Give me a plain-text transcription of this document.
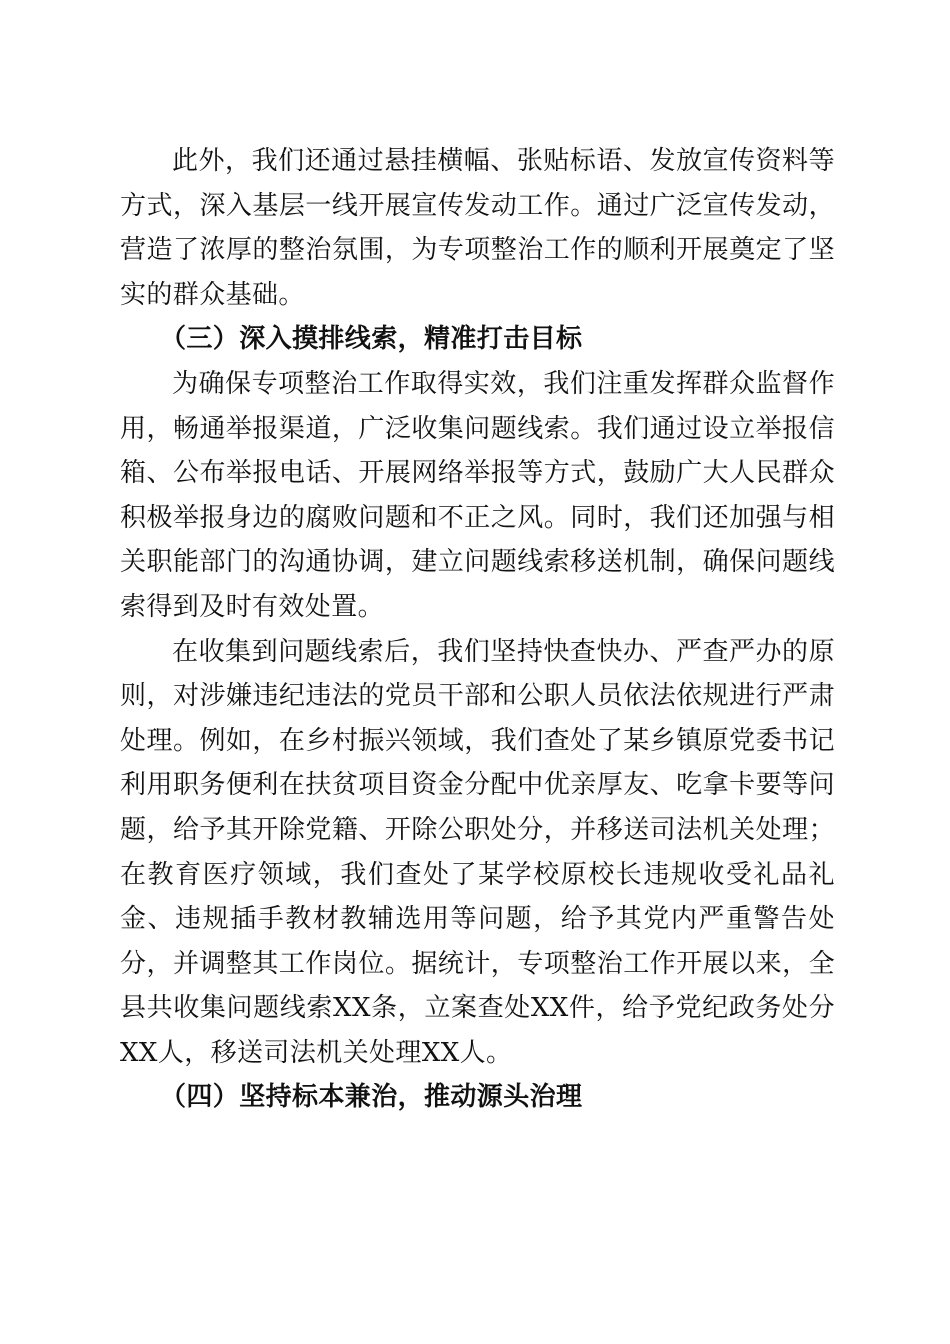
此外，我们还通过悬挂横幅、张贴标语、发放宣传资料等方式，深入基层一线开展宣传发动工作。通过广泛宣传发动，营造了浓厚的整治氛围，为专项整治工作的顺利开展奠定了坚实的群众基础。

（三）深入摸排线索，精准打击目标

为确保专项整治工作取得实效，我们注重发挥群众监督作用，畅通举报渠道，广泛收集问题线索。我们通过设立举报信箱、公布举报电话、开展网络举报等方式，鼓励广大人民群众积极举报身边的腐败问题和不正之风。同时，我们还加强与相关职能部门的沟通协调，建立问题线索移送机制，确保问题线索得到及时有效处置。

在收集到问题线索后，我们坚持快查快办、严查严办的原则，对涉嫌违纪违法的党员干部和公职人员依法依规进行严肃处理。例如，在乡村振兴领域，我们查处了某乡镇原党委书记利用职务便利在扶贫项目资金分配中优亲厚友、吃拿卡要等问题，给予其开除党籍、开除公职处分，并移送司法机关处理；在教育医疗领域，我们查处了某学校原校长违规收受礼品礼金、违规插手教材教辅选用等问题，给予其党内严重警告处分，并调整其工作岗位。据统计，专项整治工作开展以来，全县共收集问题线索XX条，立案查处XX件，给予党纪政务处分XX人，移送司法机关处理XX人。

（四）坚持标本兼治，推动源头治理
